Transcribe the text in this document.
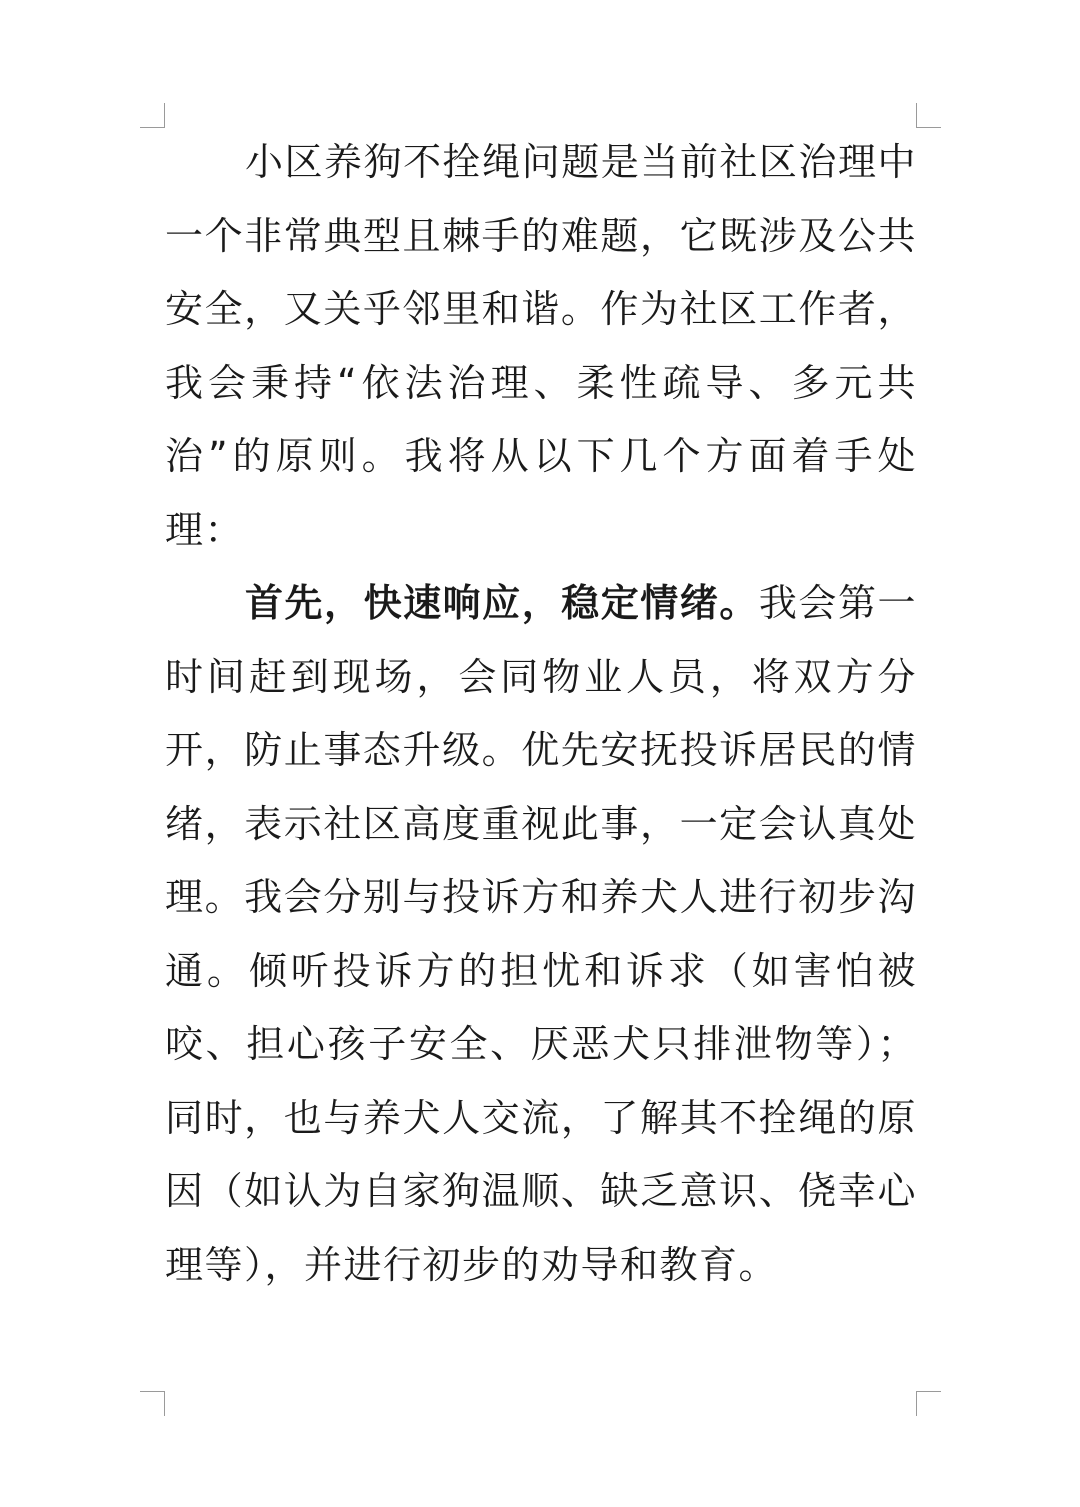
小区养狗不拴绳问题是当前社区治理中一个非常典型且棘手的难题，它既涉及公共安全，又关乎邻里和谐。作为社区工作者，我会秉持“依法治理、柔性疏导、多元共治”的原则。我将从以下几个方面着手处理：

首先，快速响应，稳定情绪。我会第一时间赶到现场，会同物业人员，将双方分开，防止事态升级。优先安抚投诉居民的情绪，表示社区高度重视此事，一定会认真处理。我会分别与投诉方和养犬人进行初步沟通。倾听投诉方的担忧和诉求（如害怕被咬、担心孩子安全、厌恶犬只排泄物等）；同时，也与养犬人交流，了解其不拴绳的原因（如认为自家狗温顺、缺乏意识、侥幸心理等），并进行初步的劝导和教育。
